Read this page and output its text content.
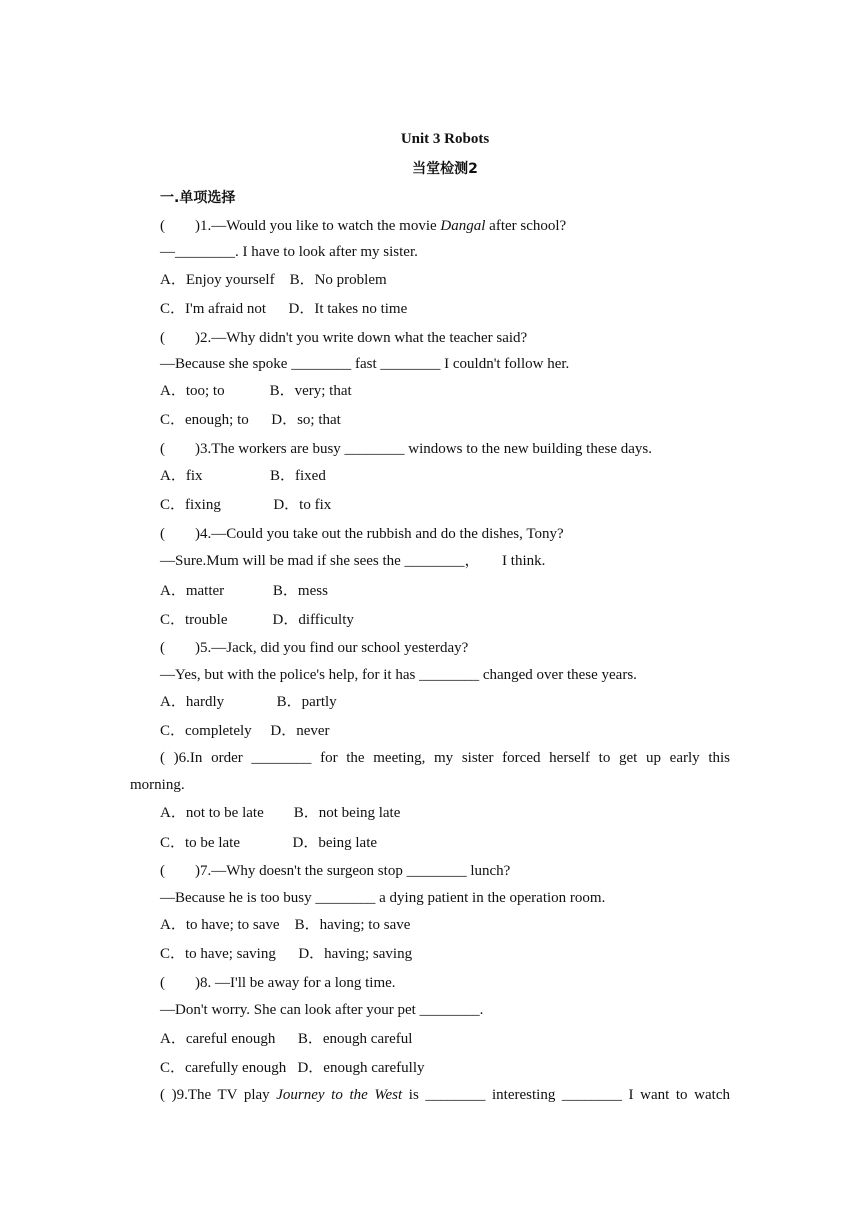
Unit 3 Robots
当堂检测2
一.单项选择
(        )1.—Would you like to watch the movie Dangal after school?
—________. I have to look after my sister.
A．Enjoy yourself B．No problem
C．I'm afraid not D．It takes no time
(        )2.—Why didn't you write down what the teacher said?
—Because she spoke ________ fast ________ I couldn't follow her.
A．too; to	B．very; that
C．enough; to D．so; that
(        )3.The workers are busy ________ windows to the new building these days.
A．fix	B．fixed
C．fixing	D．to fix
(        )4.—Could you take out the rubbish and do the dishes, Tony?
—Sure.Mum will be mad if she sees the ________，      I think.
A．matter	B．mess
C．trouble	D．difficulty
(        )5.—Jack, did you find our school yesterday?
—Yes, but with the police's help, for it has ________ changed over these years.
A．hardly	B．partly
C．completely D．never
( )6.In order ________ for the meeting, my sister forced herself to get up early this
morning.
A．not to be late B．not being late
C．to be late	D．being late
(        )7.—Why doesn't the surgeon stop ________ lunch?
—Because he is too busy ________ a dying patient in the operation room.
A．to have; to save B．having; to save
C．to have; saving D．having; saving
(        )8. —I'll be away for a long time.
—Don't worry. She can look after your pet ________.
A．careful enough B．enough careful
C．carefully enough D．enough carefully
( )9.The TV play Journey to the West is ________ interesting ________ I want to watch
